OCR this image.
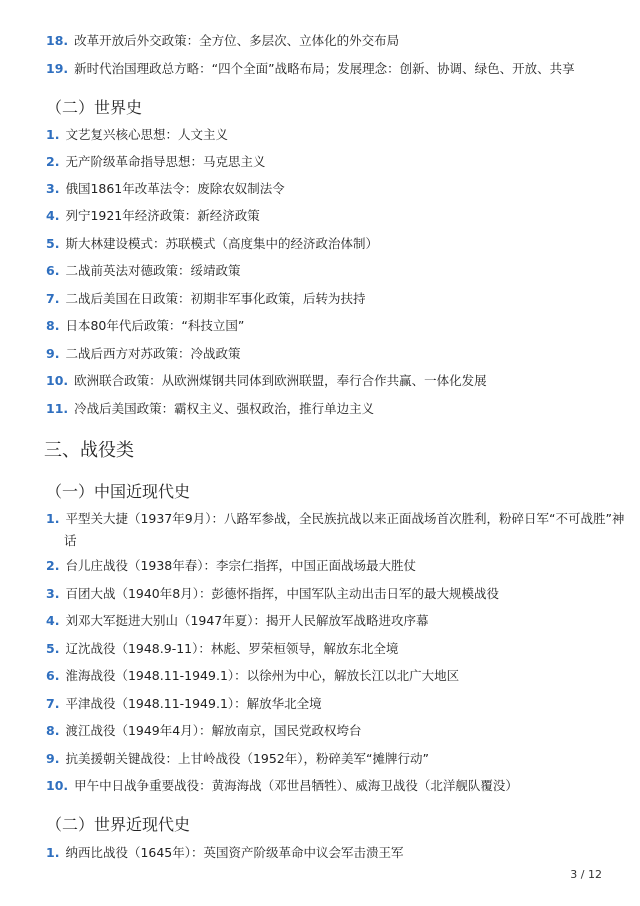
18. 改革开放后外交政策：全方位、多层次、立体化的外交布局
19. 新时代治国理政总方略：“四个全面”战略布局；发展理念：创新、协调、绿色、开放、共享
（二）世界史
1. 文艺复兴核心思想：人文主义
2. 无产阶级革命指导思想：马克思主义
3. 俄国1861年改革法令：废除农奴制法令
4. 列宁1921年经济政策：新经济政策
5. 斯大林建设模式：苏联模式（高度集中的经济政治体制）
6. 二战前英法对德政策：绥靖政策
7. 二战后美国在日政策：初期非军事化政策，后转为扶持
8. 日本80年代后政策：“科技立国”
9. 二战后西方对苏政策：冷战政策
10. 欧洲联合政策：从欧洲煤钢共同体到欧洲联盟，奉行合作共赢、一体化发展
11. 冷战后美国政策：霸权主义、强权政治，推行单边主义
三、战役类
（一）中国近现代史
1. 平型关大捷（1937年9月）：八路军参战，全民族抗战以来正面战场首次胜利，粉碎日军“不可战胜”神话
2. 台儿庄战役（1938年春）：李宗仁指挥，中国正面战场最大胜仗
3. 百团大战（1940年8月）：彭德怀指挥，中国军队主动出击日军的最大规模战役
4. 刘邓大军挺进大别山（1947年夏）：揭开人民解放军战略进攻序幕
5. 辽沈战役（1948.9-11）：林彪、罗荣桓领导，解放东北全境
6. 淮海战役（1948.11-1949.1）：以徐州为中心，解放长江以北广大地区
7. 平津战役（1948.11-1949.1）：解放华北全境
8. 渡江战役（1949年4月）：解放南京，国民党政权垮台
9. 抗美援朝关键战役：上甘岭战役（1952年），粉碎美军“摊牌行动”
10. 甲午中日战争重要战役：黄海海战（邓世昌牺牲）、威海卫战役（北洋舰队覆没）
（二）世界近现代史
1. 纳西比战役（1645年）：英国资产阶级革命中议会军击溃王军
3 / 12
